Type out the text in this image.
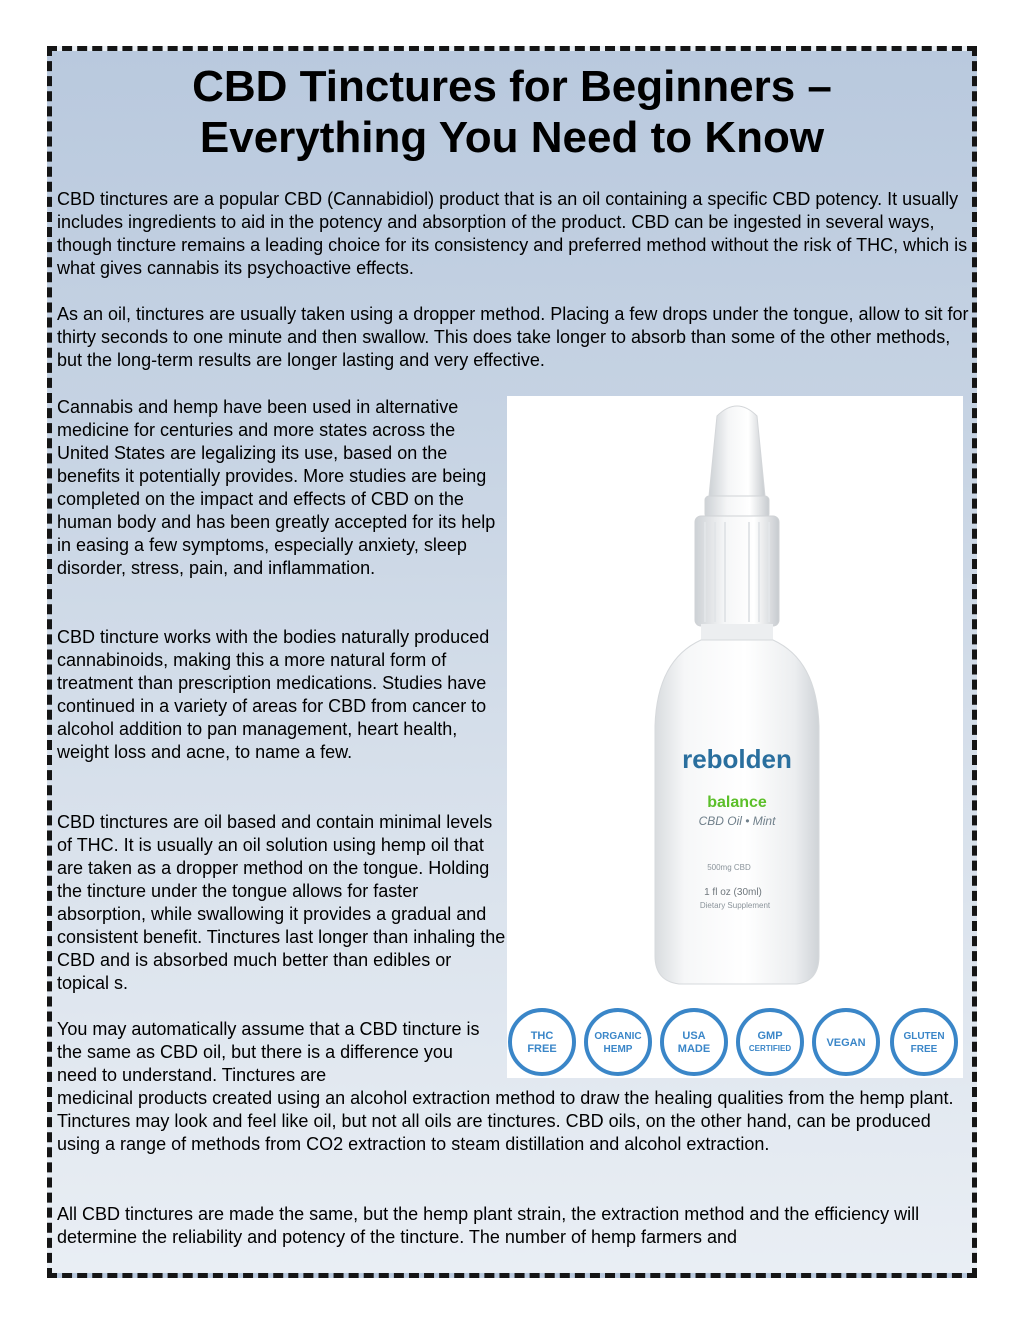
CBD Tinctures for Beginners –
Everything You Need to Know

CBD tinctures are a popular CBD (Cannabidiol) product that is an oil containing a specific CBD potency. It usually includes ingredients to aid in the potency and absorption of the product. CBD can be ingested in several ways, though tincture remains a leading choice for its consistency and preferred method without the risk of THC, which is what gives cannabis its psychoactive effects.

As an oil, tinctures are usually taken using a dropper method. Placing a few drops under the tongue, allow to sit for thirty seconds to one minute and then swallow. This does take longer to absorb than some of the other methods, but the long-term results are longer lasting and very effective.

Cannabis and hemp have been used in alternative medicine for centuries and more states across the United States are legalizing its use, based on the benefits it potentially provides. More studies are being completed on the impact and effects of CBD on the human body and has been greatly accepted for its help in easing a few symptoms, especially anxiety, sleep disorder, stress, pain, and inflammation.

CBD tincture works with the bodies naturally produced cannabinoids, making this a more natural form of treatment than prescription medications. Studies have continued in a variety of areas for CBD from cancer to alcohol addition to pan management, heart health, weight loss and acne, to name a few.

CBD tinctures are oil based and contain minimal levels of THC. It is usually an oil solution using hemp oil that are taken as a dropper method on the tongue. Holding the tincture under the tongue allows for faster absorption, while swallowing it provides a gradual and consistent benefit. Tinctures last longer than inhaling the CBD and is absorbed much better than edibles or topical s.

You may automatically assume that a CBD tincture is the same as CBD oil, but there is a difference you need to understand. Tinctures are

medicinal products created using an alcohol extraction method to draw the healing qualities from the hemp plant. Tinctures may look and feel like oil, but not all oils are tinctures. CBD oils, on the other hand, can be produced using a range of methods from CO2 extraction to steam distillation and alcohol extraction.

All CBD tinctures are made the same, but the hemp plant strain, the extraction method and the efficiency will determine the reliability and potency of the tincture. The number of hemp farmers and

rebolden
balance
CBD Oil • Mint
500mg CBD
1 fl oz (30ml)
Dietary Supplement
THC
FREE
ORGANIC
HEMP
USA
MADE
GMP
CERTIFIED	VEGAN
GLUTEN
FREE
